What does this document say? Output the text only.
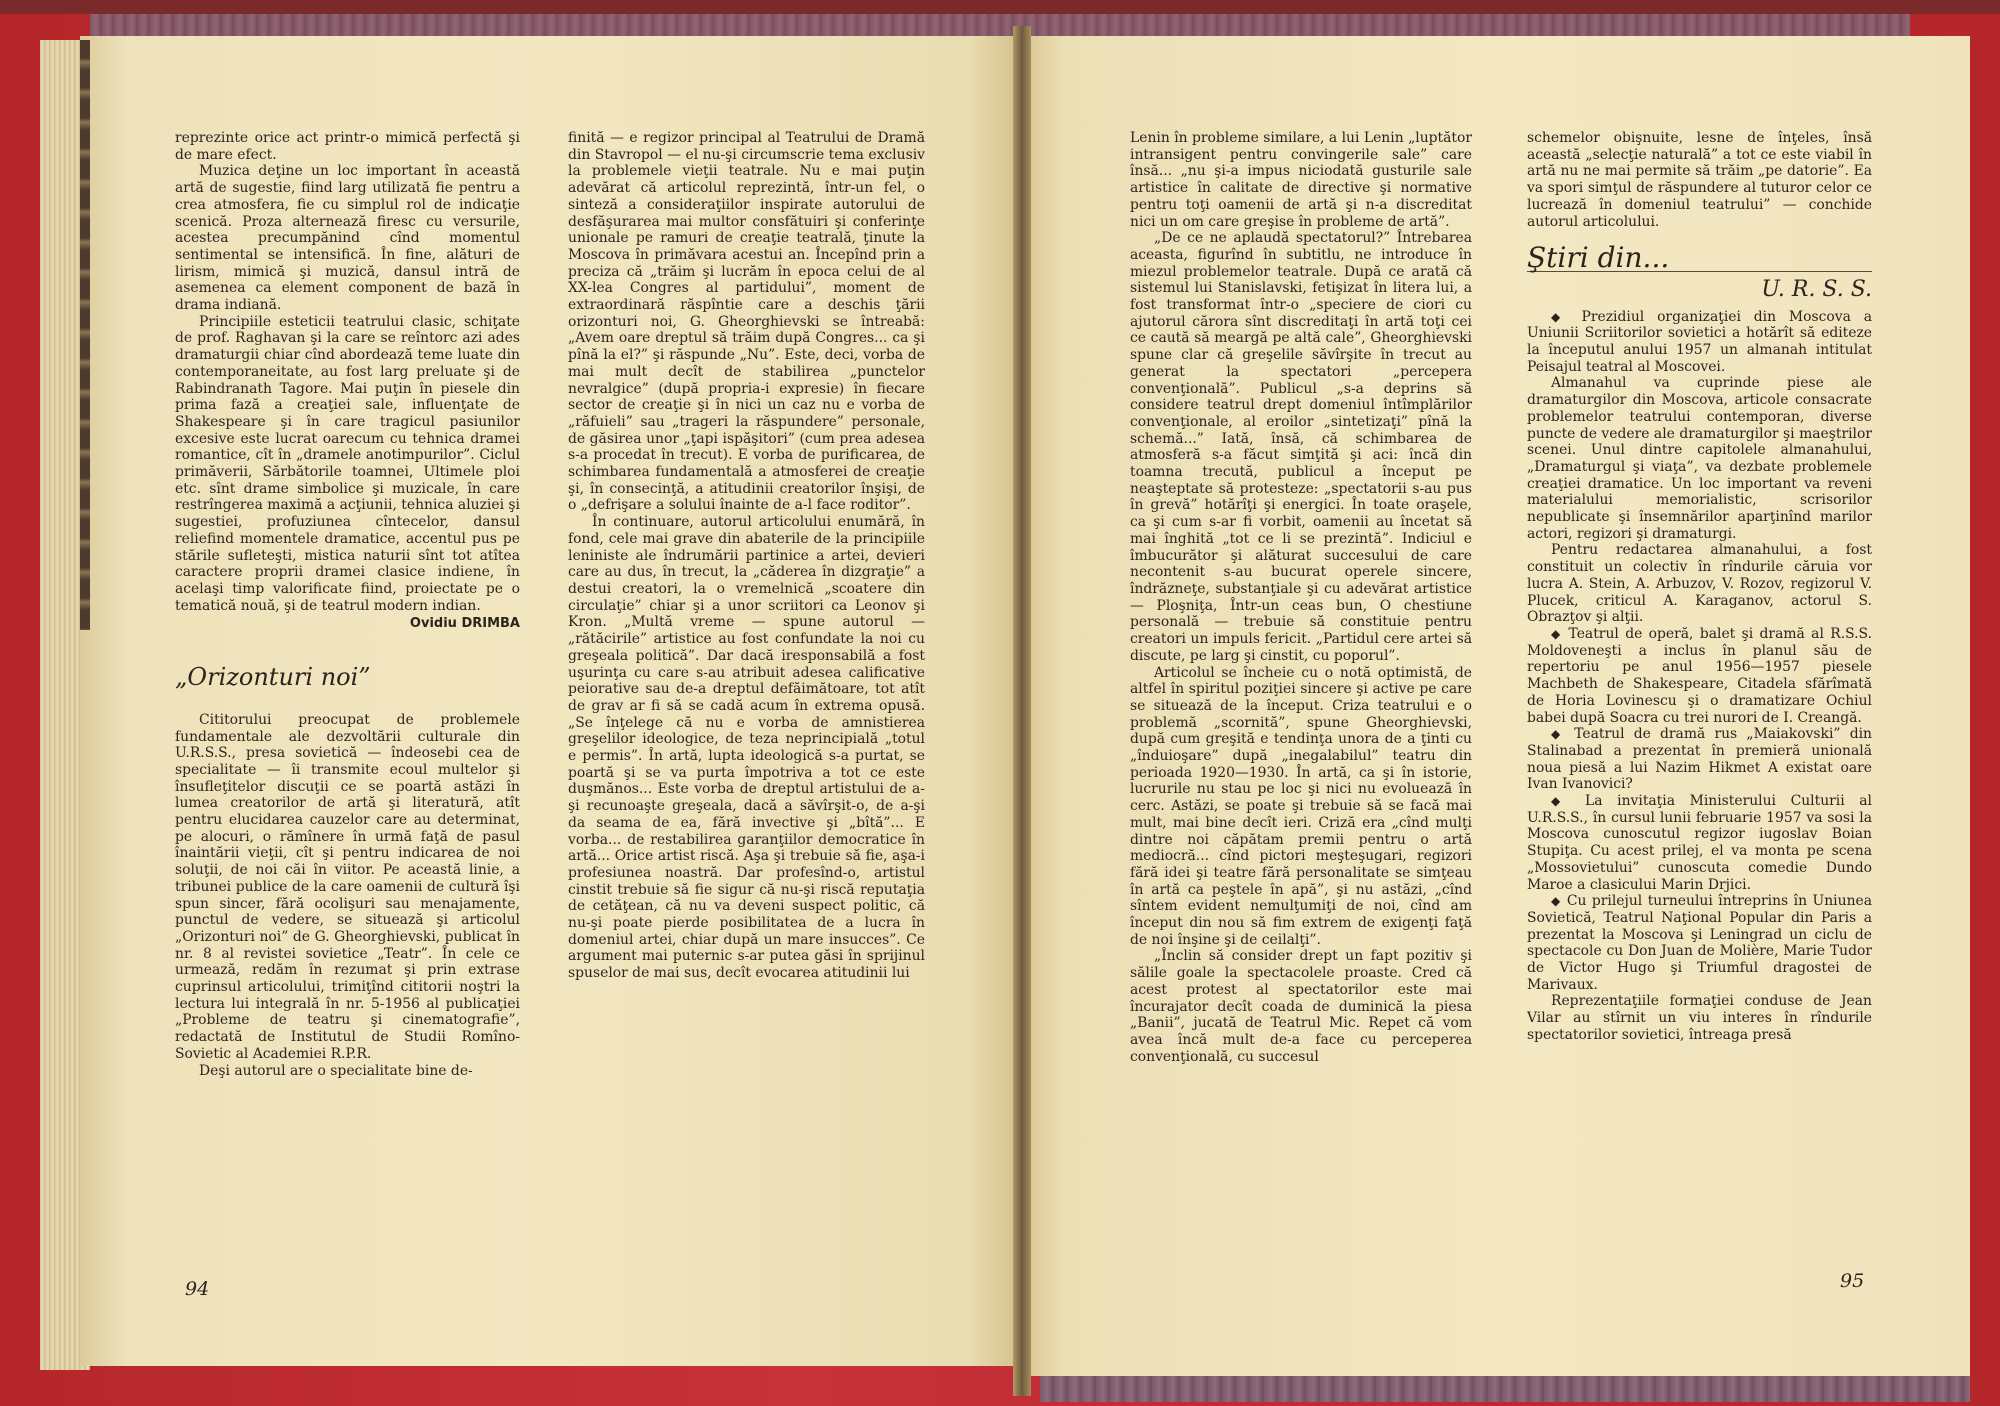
reprezinte orice act printr-o mimică perfectă şi de mare efect.

Muzica deţine un loc important în această artă de sugestie, fiind larg utilizată fie pentru a crea atmosfera, fie cu simplul rol de indicaţie scenică. Proza alternează firesc cu versurile, acestea precumpănind cînd momentul sentimental se intensifică. În fine, alături de lirism, mimică şi muzică, dansul intră de asemenea ca element component de bază în drama indiană.

Principiile esteticii teatrului clasic, schiţate de prof. Raghavan şi la care se reîntorc azi ades dramaturgii chiar cînd abordează teme luate din contemporaneitate, au fost larg preluate şi de Rabindranath Tagore. Mai puţin în piesele din prima fază a creaţiei sale, influenţate de Shakespeare şi în care tragicul pasiunilor excesive este lucrat oarecum cu tehnica dramei romantice, cît în „dramele anotimpurilor”. Ciclul primăverii, Sărbătorile toamnei, Ultimele ploi etc. sînt drame simbolice şi muzicale, în care restrîngerea maximă a acţiunii, tehnica aluziei şi sugestiei, profuziunea cîntecelor, dansul reliefind momentele dramatice, accentul pus pe stările sufleteşti, mistica naturii sînt tot atîtea caractere proprii dramei clasice indiene, în acelaşi timp valorificate fiind, proiectate pe o tematică nouă, şi de teatrul modern indian.

Ovidiu DRIMBA
„Orizonturi noi”

Cititorului preocupat de problemele fundamentale ale dezvoltării culturale din U.R.S.S., presa sovietică — îndeosebi cea de specialitate — îi transmite ecoul multelor şi însufleţitelor discuţii ce se poartă astăzi în lumea creatorilor de artă şi literatură, atît pentru elucidarea cauzelor care au determinat, pe alocuri, o rămînere în urmă faţă de pasul înaintării vieţii, cît şi pentru indicarea de noi soluţii, de noi căi în viitor. Pe această linie, a tribunei publice de la care oamenii de cultură îşi spun sincer, fără ocolişuri sau menajamente, punctul de vedere, se situează şi articolul „Orizonturi noi” de G. Gheorghievski, publicat în nr. 8 al revistei sovietice „Teatr”. În cele ce urmează, redăm în rezumat şi prin extrase cuprinsul articolului, trimiţînd cititorii noştri la lectura lui integrală în nr. 5-1956 al publicaţiei „Probleme de teatru şi cinematografie”, redactată de Institutul de Studii Romîno-Sovietic al Academiei R.P.R.

Deşi autorul are o specialitate bine de-

finită — e regizor principal al Teatrului de Dramă din Stavropol — el nu-şi circumscrie tema exclusiv la problemele vieţii teatrale. Nu e mai puţin adevărat că articolul reprezintă, într-un fel, o sinteză a consideraţiilor inspirate autorului de desfăşurarea mai multor consfătuiri şi conferinţe unionale pe ramuri de creaţie teatrală, ţinute la Moscova în primăvara acestui an. Începînd prin a preciza că „trăim şi lucrăm în epoca celui de al XX-lea Congres al partidului”, moment de extraordinară răspîntie care a deschis ţării orizonturi noi, G. Gheorghievski se întreabă: „Avem oare dreptul să trăim după Congres... ca şi pînă la el?” şi răspunde „Nu”. Este, deci, vorba de mai mult decît de stabilirea „punctelor nevralgice” (după propria-i expresie) în fiecare sector de creaţie şi în nici un caz nu e vorba de „răfuieli” sau „trageri la răspundere” personale, de găsirea unor „ţapi ispăşitori” (cum prea adesea s-a procedat în trecut). E vorba de purificarea, de schimbarea fundamentală a atmosferei de creaţie şi, în consecinţă, a atitudinii creatorilor înşişi, de o „defrişare a solului înainte de a-l face roditor”.

În continuare, autorul articolului enumără, în fond, cele mai grave din abaterile de la principiile leniniste ale îndrumării partinice a artei, devieri care au dus, în trecut, la „căderea în dizgraţie” a destui creatori, la o vremelnică „scoatere din circulaţie” chiar şi a unor scriitori ca Leonov şi Kron. „Multă vreme — spune autorul — „rătăcirile” artistice au fost confundate la noi cu greşeala politică”. Dar dacă iresponsabilă a fost uşurinţa cu care s-au atribuit adesea calificative peiorative sau de-a dreptul defăimătoare, tot atît de grav ar fi să se cadă acum în extrema opusă. „Se înţelege că nu e vorba de amnistierea greşelilor ideologice, de teza neprincipială „totul e permis”. În artă, lupta ideologică s-a purtat, se poartă şi se va purta împotriva a tot ce este duşmănos... Este vorba de dreptul artistului de a-şi recunoaşte greşeala, dacă a săvîrşit-o, de a-şi da seama de ea, fără invective şi „bîtă”... E vorba... de restabilirea garanţiilor democratice în artă... Orice artist riscă. Aşa şi trebuie să fie, aşa-i profesiunea noastră. Dar profesînd-o, artistul cinstit trebuie să fie sigur că nu-şi riscă reputaţia de cetăţean, că nu va deveni suspect politic, că nu-şi poate pierde posibilitatea de a lucra în domeniul artei, chiar după un mare insucces”. Ce argument mai puternic s-ar putea găsi în sprijinul spuselor de mai sus, decît evocarea atitudinii lui

94

Lenin în probleme similare, a lui Lenin „luptător intransigent pentru convingerile sale” care însă... „nu şi-a impus niciodată gusturile sale artistice în calitate de directive şi normative pentru toţi oamenii de artă şi n-a discreditat nici un om care greşise în probleme de artă”.

„De ce ne aplaudă spectatorul?” Întrebarea aceasta, figurînd în subtitlu, ne introduce în miezul problemelor teatrale. După ce arată că sistemul lui Stanislavski, fetişizat în litera lui, a fost transformat într-o „speciere de ciori cu ajutorul cărora sînt discreditaţi în artă toţi cei ce caută să meargă pe altă cale”, Gheorghievski spune clar că greşelile săvîrşite în trecut au generat la spectatori „percepera convenţională”. Publicul „s-a deprins să considere teatrul drept domeniul întîmplărilor convenţionale, al eroilor „sintetizaţi” pînă la schemă...” Iată, însă, că schimbarea de atmosferă s-a făcut simţită şi aci: încă din toamna trecută, publicul a început pe neaşteptate să protesteze: „spectatorii s-au pus în grevă” hotărîţi şi energici. În toate oraşele, ca şi cum s-ar fi vorbit, oamenii au încetat să mai înghită „tot ce li se prezintă”. Indiciul e îmbucurător şi alăturat succesului de care necontenit s-au bucurat operele sincere, îndrăzneţe, substanţiale şi cu adevărat artistice — Ploşniţa, Într-un ceas bun, O chestiune personală — trebuie să constituie pentru creatori un impuls fericit. „Partidul cere artei să discute, pe larg şi cinstit, cu poporul”.

Articolul se încheie cu o notă optimistă, de altfel în spiritul poziţiei sincere şi active pe care se situează de la început. Criza teatrului e o problemă „scornită”, spune Gheorghievski, după cum greşită e tendinţa unora de a ţinti cu „înduioşare” după „inegalabilul” teatru din perioada 1920—1930. În artă, ca şi în istorie, lucrurile nu stau pe loc şi nici nu evoluează în cerc. Astăzi, se poate şi trebuie să se facă mai mult, mai bine decît ieri. Criză era „cînd mulţi dintre noi căpătam premii pentru o artă mediocră... cînd pictori meşteşugari, regizori fără idei şi teatre fără personalitate se simţeau în artă ca peştele în apă”, şi nu astăzi, „cînd sîntem evident nemulţumiţi de noi, cînd am început din nou să fim extrem de exigenţi faţă de noi înşine şi de ceilalţi”.

„Înclin să consider drept un fapt pozitiv şi sălile goale la spectacolele proaste. Cred că acest protest al spectatorilor este mai încurajator decît coada de duminică la piesa „Banii”, jucată de Teatrul Mic. Repet că vom avea încă mult de-a face cu perceperea convenţională, cu succesul

schemelor obişnuite, lesne de înţeles, însă această „selecţie naturală” a tot ce este viabil în artă nu ne mai permite să trăim „pe datorie”. Ea va spori simţul de răspundere al tuturor celor ce lucrează în domeniul teatrului” — conchide autorul articolului.

Ştiri din...
U. R. S. S.

◆ Prezidiul organizaţiei din Moscova a Uniunii Scriitorilor sovietici a hotărît să editeze la începutul anului 1957 un almanah intitulat Peisajul teatral al Moscovei.

Almanahul va cuprinde piese ale dramaturgilor din Moscova, articole consacrate problemelor teatrului contemporan, diverse puncte de vedere ale dramaturgilor şi maeştrilor scenei. Unul dintre capitolele almanahului, „Dramaturgul şi viaţa”, va dezbate problemele creaţiei dramatice. Un loc important va reveni materialului memorialistic, scrisorilor nepublicate şi însemnărilor aparţinînd marilor actori, regizori şi dramaturgi.

Pentru redactarea almanahului, a fost constituit un colectiv în rîndurile căruia vor lucra A. Stein, A. Arbuzov, V. Rozov, regizorul V. Plucek, criticul A. Karaganov, actorul S. Obrazţov şi alţii.

◆ Teatrul de operă, balet şi dramă al R.S.S. Moldoveneşti a inclus în planul său de repertoriu pe anul 1956—1957 piesele Machbeth de Shakespeare, Citadela sfărîmată de Horia Lovinescu şi o dramatizare Ochiul babei după Soacra cu trei nurori de I. Creangă.

◆ Teatrul de dramă rus „Maiakovski” din Stalinabad a prezentat în premieră unională noua piesă a lui Nazim Hikmet A existat oare Ivan Ivanovici?

◆ La invitaţia Ministerului Culturii al U.R.S.S., în cursul lunii februarie 1957 va sosi la Moscova cunoscutul regizor iugoslav Boian Stupiţa. Cu acest prilej, el va monta pe scena „Mossovietului” cunoscuta comedie Dundo Maroe a clasicului Marin Drjici.

◆ Cu prilejul turneului întreprins în Uniunea Sovietică, Teatrul Naţional Popular din Paris a prezentat la Moscova şi Leningrad un ciclu de spectacole cu Don Juan de Molière, Marie Tudor de Victor Hugo şi Triumful dragostei de Marivaux.

Reprezentaţiile formaţiei conduse de Jean Vilar au stîrnit un viu interes în rîndurile spectatorilor sovietici, întreaga presă

95
